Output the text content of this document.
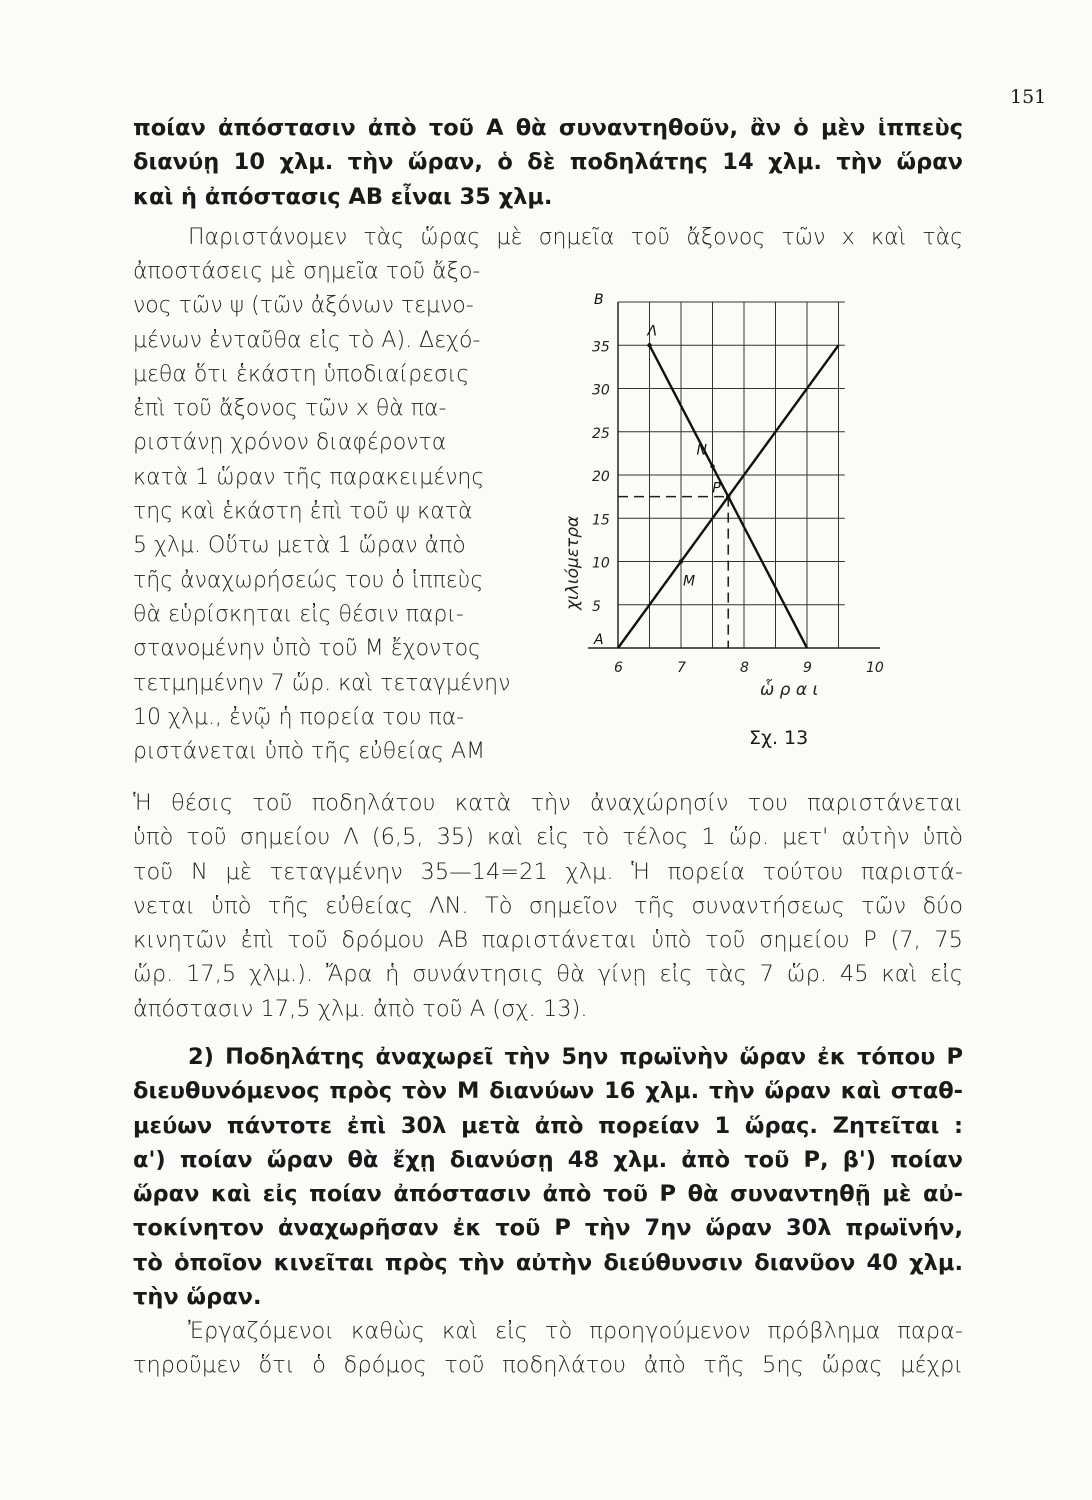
151
ποίαν ἀπόστασιν ἀπὸ τοῦ Α θὰ συναντηθοῦν, ἂν ὁ μὲν ἱππεὺς
διανύῃ 10 χλμ. τὴν ὥραν, ὁ δὲ ποδηλάτης 14 χλμ. τὴν ὥραν
καὶ ἡ ἀπόστασις ΑΒ εἶναι 35 χλμ.
Παριστάνομεν τὰς ὥρας μὲ σημεῖα τοῦ ἄξονος τῶν x καὶ τὰς
ἀποστάσεις μὲ σημεῖα τοῦ ἄξο-
νος τῶν ψ (τῶν ἀξόνων τεμνο-
μένων ἐνταῦθα εἰς τὸ Α). Δεχό-
μεθα ὅτι ἑκάστη ὑποδιαίρεσις
ἐπὶ τοῦ ἄξονος τῶν x θὰ πα-
ριστάνῃ χρόνον διαφέροντα
κατὰ 1 ὥραν τῆς παρακειμένης
της καὶ ἑκάστη ἐπὶ τοῦ ψ κατὰ
5 χλμ. Οὕτω μετὰ 1 ὥραν ἀπὸ
τῆς ἀναχωρήσεώς του ὁ ἱππεὺς
θὰ εὑρίσκηται εἰς θέσιν παρι-
στανομένην ὑπὸ τοῦ Μ ἔχοντος
τετμημένην 7 ὥρ. καὶ τεταγμένην
10 χλμ., ἐνῷ ἡ πορεία του πα-
ριστάνεται ὑπὸ τῆς εὐθείας ΑΜ
5
10
15
20
25
30
35
6	7	8	9	10
Λ
N
P
M
A
B
χιλιόμετρα
ὧ ρ α ι
Σχ. 13
Ἡ θέσις τοῦ ποδηλάτου κατὰ τὴν ἀναχώρησίν του παριστάνεται
ὑπὸ τοῦ σημείου Λ (6,5, 35) καὶ εἰς τὸ τέλος 1 ὥρ. μετ' αὐτὴν ὑπὸ
τοῦ Ν μὲ τεταγμένην 35—14=21 χλμ. Ἡ πορεία τούτου παριστά-
νεται ὑπὸ τῆς εὐθείας ΛΝ. Τὸ σημεῖον τῆς συναντήσεως τῶν δύο
κινητῶν ἐπὶ τοῦ δρόμου ΑΒ παριστάνεται ὑπὸ τοῦ σημείου Ρ (7, 75
ὥρ. 17,5 χλμ.). Ἄρα ἡ συνάντησις θὰ γίνῃ εἰς τὰς 7 ὥρ. 45 καὶ εἰς
ἀπόστασιν 17,5 χλμ. ἀπὸ τοῦ Α (σχ. 13).
2) Ποδηλάτης ἀναχωρεῖ τὴν 5ην πρωϊνὴν ὥραν ἐκ τόπου Ρ
διευθυνόμενος πρὸς τὸν Μ διανύων 16 χλμ. τὴν ὥραν καὶ σταθ-
μεύων πάντοτε ἐπὶ 30λ μετὰ ἀπὸ πορείαν 1 ὥρας. Ζητεῖται :
α') ποίαν ὥραν θὰ ἔχῃ διανύσῃ 48 χλμ. ἀπὸ τοῦ Ρ, β') ποίαν
ὥραν καὶ εἰς ποίαν ἀπόστασιν ἀπὸ τοῦ Ρ θὰ συναντηθῇ μὲ αὐ-
τοκίνητον ἀναχωρῆσαν ἐκ τοῦ Ρ τὴν 7ην ὥραν 30λ πρωϊνήν,
τὸ ὁποῖον κινεῖται πρὸς τὴν αὐτὴν διεύθυνσιν διανῦον 40 χλμ.
τὴν ὥραν.
Ἐργαζόμενοι καθὼς καὶ εἰς τὸ προηγούμενον πρόβλημα παρα-
τηροῦμεν ὅτι ὁ δρόμος τοῦ ποδηλάτου ἀπὸ τῆς 5ης ὥρας μέχρι
